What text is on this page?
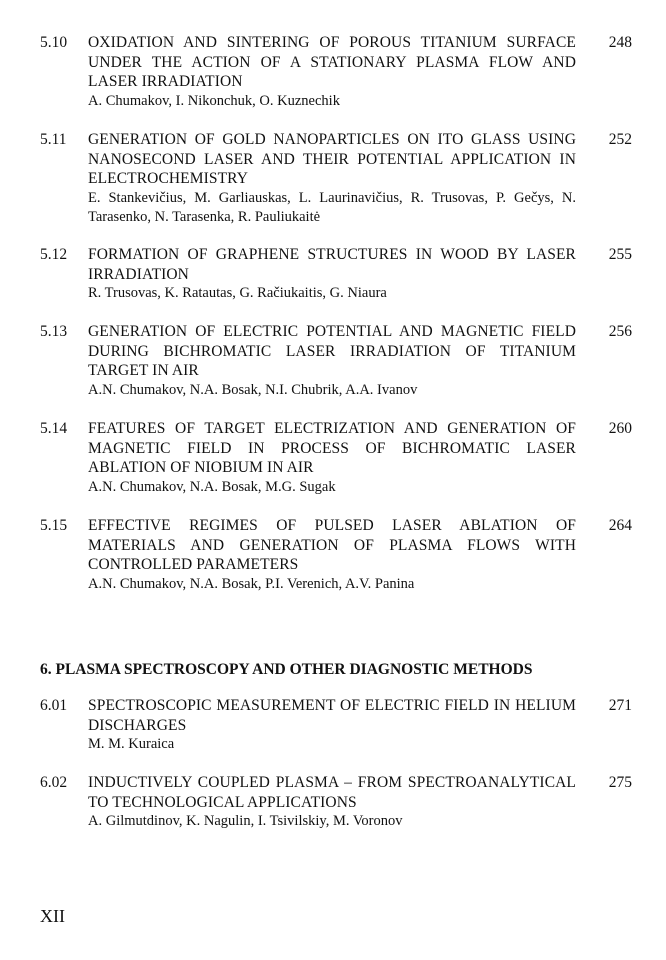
5.10 OXIDATION AND SINTERING OF POROUS TITANIUM SURFACE UNDER THE ACTION OF A STATIONARY PLASMA FLOW AND LASER IRRADIATION
A. Chumakov, I. Nikonchuk, O. Kuznechik
248
5.11 GENERATION OF GOLD NANOPARTICLES ON ITO GLASS USING NANOSECOND LASER AND THEIR POTENTIAL APPLICATION IN ELECTROCHEMISTRY
E. Stankevičius, M. Garliauskas, L. Laurinavičius, R. Trusovas, P. Gečys, N. Tarasenko, N. Tarasenka, R. Pauliukaitė
252
5.12 FORMATION OF GRAPHENE STRUCTURES IN WOOD BY LASER IRRADIATION
R. Trusovas, K. Ratautas, G. Račiukaitis, G. Niaura
255
5.13 GENERATION OF ELECTRIC POTENTIAL AND MAGNETIC FIELD DURING BICHROMATIC LASER IRRADIATION OF TITANIUM TARGET IN AIR
A.N. Chumakov, N.A. Bosak, N.I. Chubrik, A.A. Ivanov
256
5.14 FEATURES OF TARGET ELECTRIZATION AND GENERATION OF MAGNETIC FIELD IN PROCESS OF BICHROMATIC LASER ABLATION OF NIOBIUM IN AIR
A.N. Chumakov, N.A. Bosak, M.G. Sugak
260
5.15 EFFECTIVE REGIMES OF PULSED LASER ABLATION OF MATERIALS AND GENERATION OF PLASMA FLOWS WITH CONTROLLED PARAMETERS
A.N. Chumakov, N.A. Bosak, P.I. Verenich, A.V. Panina
264
6. PLASMA SPECTROSCOPY AND OTHER DIAGNOSTIC METHODS
6.01 SPECTROSCOPIC MEASUREMENT OF ELECTRIC FIELD IN HELIUM DISCHARGES
M. M. Kuraica
271
6.02 INDUCTIVELY COUPLED PLASMA – FROM SPECTROANALYTICAL TO TECHNOLOGICAL APPLICATIONS
A. Gilmutdinov, K. Nagulin, I. Tsivilskiy, M. Voronov
275
XII
